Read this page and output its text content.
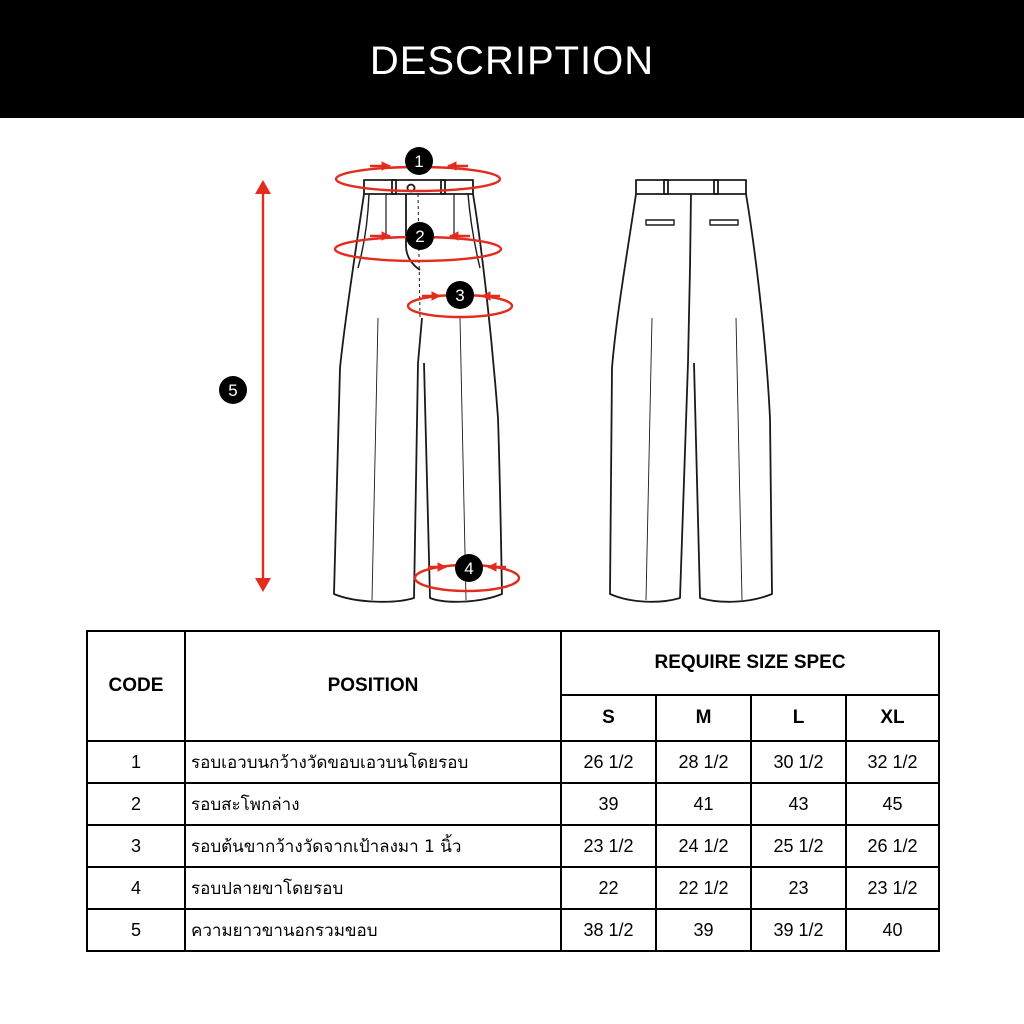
DESCRIPTION
1
2
3
4
5
CODE	POSITION	REQUIRE SIZE SPEC			
		S	M	L	XL
1	รอบเอวบนกว้างวัดขอบเอวบนโดยรอบ	26 1/2	28 1/2	30 1/2	32 1/2
2	รอบสะโพกล่าง	39	41	43	45
3	รอบต้นขากว้างวัดจากเป้าลงมา 1 นิ้ว	23 1/2	24 1/2	25 1/2	26 1/2
4	รอบปลายขาโดยรอบ	22	22 1/2	23	23 1/2
5	ความยาวขานอกรวมขอบ	38 1/2	39	39 1/2	40
